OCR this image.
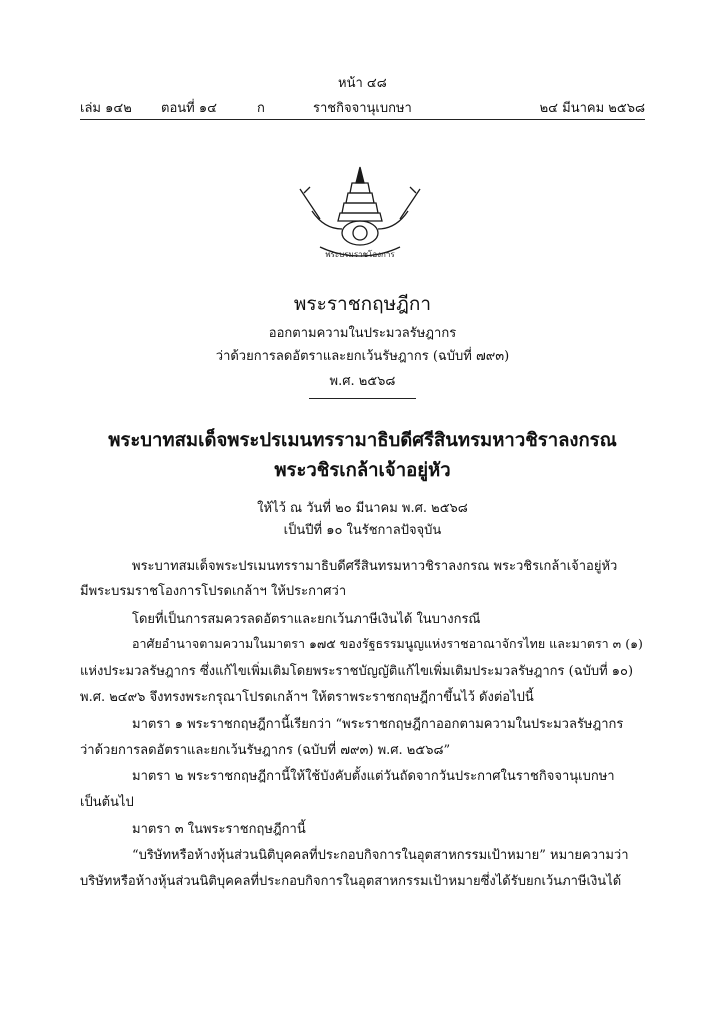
หน้า ๔๘
เล่ม ๑๔๒ ตอนที่ ๑๔	ก	ราชกิจจานุเบกษา	๒๔ มีนาคม ๒๕๖๘
พระบรมราชโองการ
พระราชกฤษฎีกา
ออกตามความในประมวลรัษฎากร
ว่าด้วยการลดอัตราและยกเว้นรัษฎากร (ฉบับที่ ๗๙๓)
พ.ศ. ๒๕๖๘
พระบาทสมเด็จพระปรเมนทรรามาธิบดีศรีสินทรมหาวชิราลงกรณ
พระวชิรเกล้าเจ้าอยู่หัว
ให้ไว้ ณ วันที่ ๒๐ มีนาคม พ.ศ. ๒๕๖๘
เป็นปีที่ ๑๐ ในรัชกาลปัจจุบัน
พระบาทสมเด็จพระปรเมนทรรามาธิบดีศรีสินทรมหาวชิราลงกรณ พระวชิรเกล้าเจ้าอยู่หัว
มีพระบรมราชโองการโปรดเกล้าฯ ให้ประกาศว่า
โดยที่เป็นการสมควรลดอัตราและยกเว้นภาษีเงินได้ ในบางกรณี
อาศัยอำนาจตามความในมาตรา ๑๗๕ ของรัฐธรรมนูญแห่งราชอาณาจักรไทย และมาตรา ๓ (๑)
แห่งประมวลรัษฎากร ซึ่งแก้ไขเพิ่มเติมโดยพระราชบัญญัติแก้ไขเพิ่มเติมประมวลรัษฎากร (ฉบับที่ ๑๐)
พ.ศ. ๒๔๙๖ จึงทรงพระกรุณาโปรดเกล้าฯ ให้ตราพระราชกฤษฎีกาขึ้นไว้ ดังต่อไปนี้
มาตรา ๑ พระราชกฤษฎีกานี้เรียกว่า “พระราชกฤษฎีกาออกตามความในประมวลรัษฎากร
ว่าด้วยการลดอัตราและยกเว้นรัษฎากร (ฉบับที่ ๗๙๓) พ.ศ. ๒๕๖๘”
มาตรา ๒ พระราชกฤษฎีกานี้ให้ใช้บังคับตั้งแต่วันถัดจากวันประกาศในราชกิจจานุเบกษา
เป็นต้นไป
มาตรา ๓ ในพระราชกฤษฎีกานี้
“บริษัทหรือห้างหุ้นส่วนนิติบุคคลที่ประกอบกิจการในอุตสาหกรรมเป้าหมาย” หมายความว่า
บริษัทหรือห้างหุ้นส่วนนิติบุคคลที่ประกอบกิจการในอุตสาหกรรมเป้าหมายซึ่งได้รับยกเว้นภาษีเงินได้
